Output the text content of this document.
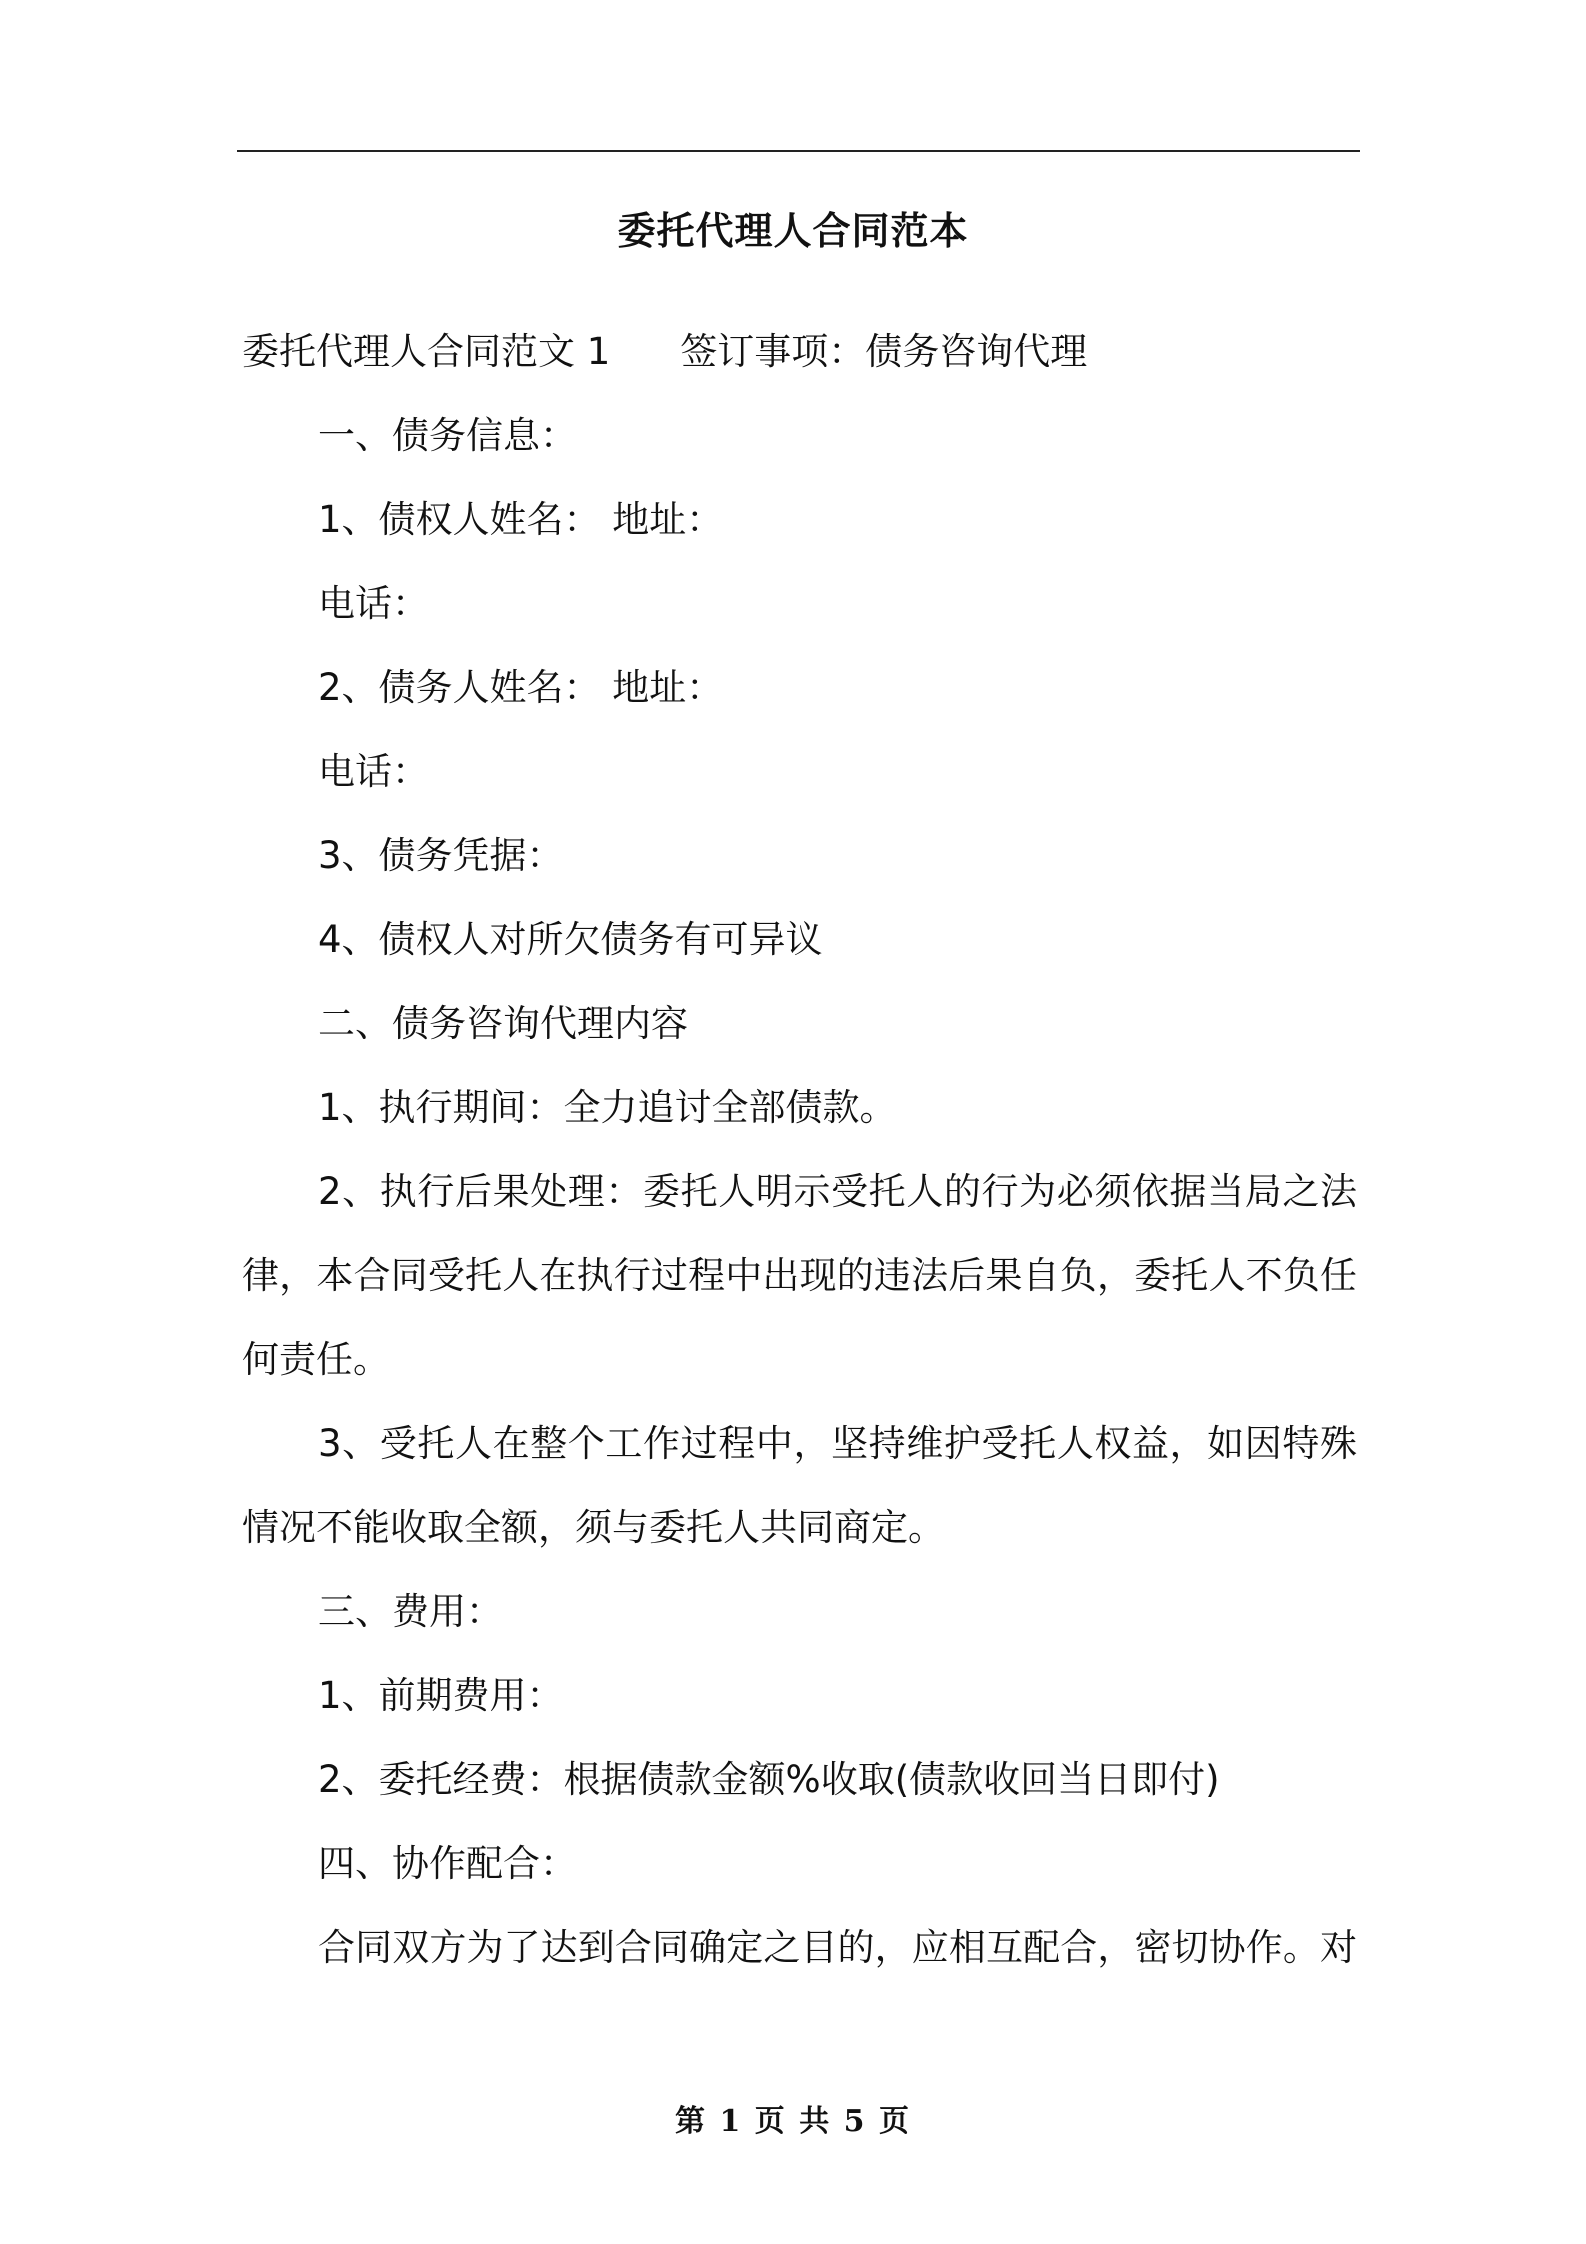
委托代理人合同范本
委托代理人合同范文 1 签订事项：债务咨询代理
一、债务信息：
1、债权人姓名： 地址：
电话：
2、债务人姓名： 地址：
电话：
3、债务凭据：
4、债权人对所欠债务有可异议
二、债务咨询代理内容
1、执行期间：全力追讨全部债款。
2、执行后果处理：委托人明示受托人的行为必须依据当局之法
律，本合同受托人在执行过程中出现的违法后果自负，委托人不负任
何责任。
3、受托人在整个工作过程中，坚持维护受托人权益，如因特殊
情况不能收取全额，须与委托人共同商定。
三、费用：
1、前期费用：
2、委托经费：根据债款金额%收取(债款收回当日即付)
四、协作配合：
合同双方为了达到合同确定之目的，应相互配合，密切协作。对
第 1 页 共 5 页
